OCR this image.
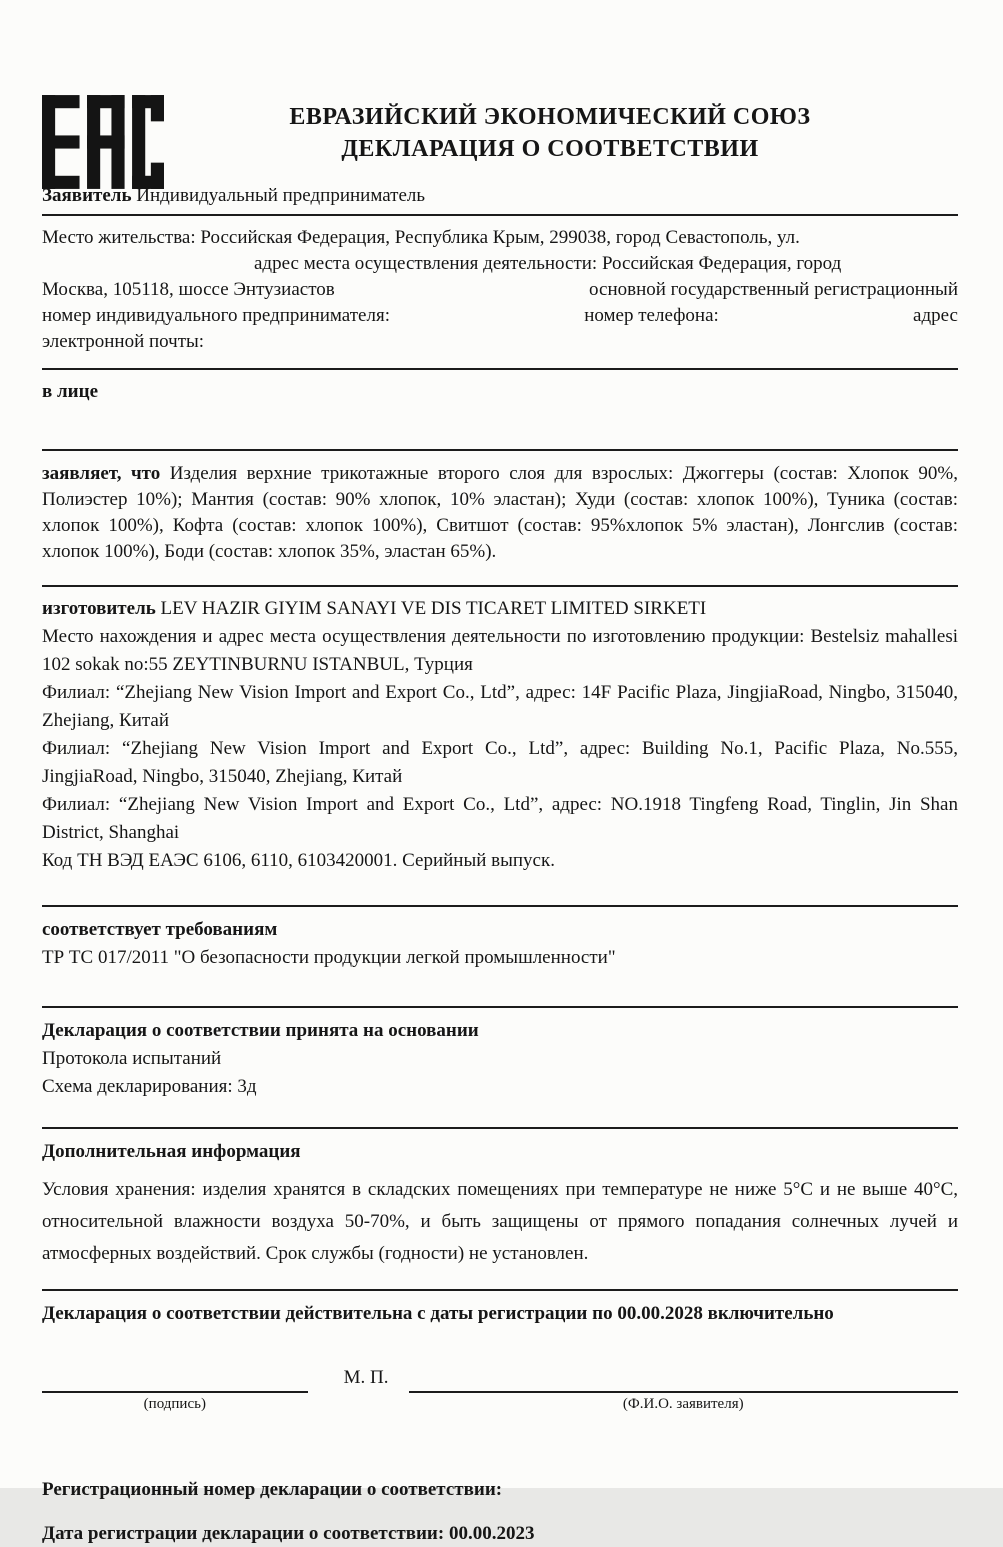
ЕВРАЗИЙСКИЙ ЭКОНОМИЧЕСКИЙ СОЮЗ
ДЕКЛАРАЦИЯ О СООТВЕТСТВИИ
Заявитель Индивидуальный предприниматель
Место жительства: Российская Федерация, Республика Крым, 299038, город Севастополь, ул.
адрес места осуществления деятельности: Российская Федерация, город
Москва, 105118, шоссе Энтузиастов	основной государственный регистрационный
номер индивидуального предпринимателя:	номер телефона:	адрес
электронной почты:
в лице

заявляет, что Изделия верхние трикотажные второго слоя для взрослых: Джоггеры (состав: Хлопок 90%, Полиэстер 10%); Мантия (состав: 90% хлопок, 10% эластан); Худи (состав: хлопок 100%), Туника (состав: хлопок 100%), Кофта (состав: хлопок 100%), Свитшот (состав: 95%хлопок 5% эластан), Лонгслив (состав: хлопок 100%), Боди (состав: хлопок 35%, эластан 65%).

изготовитель LEV HAZIR GIYIM SANAYI VE DIS TICARET LIMITED SIRKETI

Место нахождения и адрес места осуществления деятельности по изготовлению продукции: Bestelsiz mahallesi 102 sokak no:55 ZEYTINBURNU ISTANBUL, Турция

Филиал: “Zhejiang New Vision Import and Export Co., Ltd”, адрес: 14F Pacific Plaza, JingjiaRoad, Ningbo, 315040, Zhejiang, Китай

Филиал: “Zhejiang New Vision Import and Export Co., Ltd”, адрес: Building No.1, Pacific Plaza, No.555, JingjiaRoad, Ningbo, 315040, Zhejiang, Китай

Филиал: “Zhejiang New Vision Import and Export Co., Ltd”, адрес: NO.1918 Tingfeng Road, Tinglin, Jin Shan District, Shanghai

Код ТН ВЭД ЕАЭС 6106, 6110, 6103420001. Серийный выпуск.

соответствует требованиям
ТР ТС 017/2011 "О безопасности продукции легкой промышленности"
Декларация о соответствии принята на основании
Протокола испытаний
Схема декларирования: 3д
Дополнительная информация

Условия хранения: изделия хранятся в складских помещениях при температуре не ниже 5°С и не выше 40°С, относительной влажности воздуха 50-70%, и быть защищены от прямого попадания солнечных лучей и атмосферных воздействий. Срок службы (годности) не установлен.

Декларация о соответствии действительна с даты регистрации по 00.00.2028 включительно
(подпись)
М. П.
(Ф.И.О. заявителя)
Регистрационный номер декларации о соответствии:
Дата регистрации декларации о соответствии: 00.00.2023
